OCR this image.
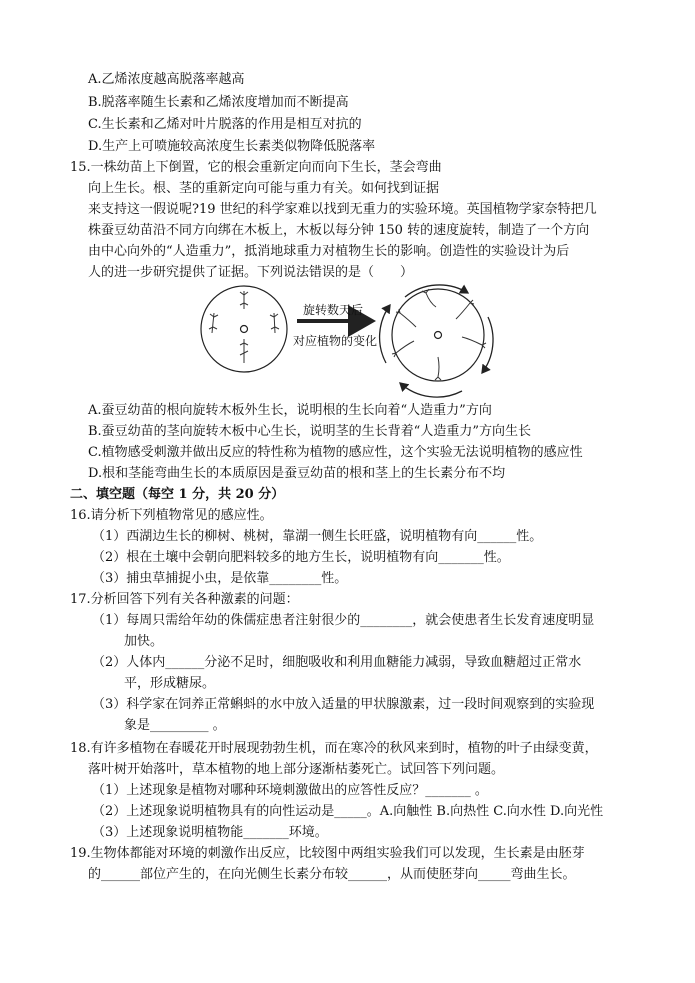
A.乙烯浓度越高脱落率越高
B.脱落率随生长素和乙烯浓度增加而不断提高
C.生长素和乙烯对叶片脱落的作用是相互对抗的
D.生产上可喷施较高浓度生长素类似物降低脱落率
15.一株幼苗上下倒置，它的根会重新定向而向下生长，茎会弯曲
向上生长。根、茎的重新定向可能与重力有关。如何找到证据
来支持这一假说呢?19 世纪的科学家难以找到无重力的实验环境。英国植物学家奈特把几
株蚕豆幼苗沿不同方向绑在木板上，木板以每分钟 150 转的速度旋转，制造了一个方向
由中心向外的“人造重力”，抵消地球重力对植物生长的影响。创造性的实验设计为后
人的进一步研究提供了证据。下列说法错误的是（　　）
旋转数天后
对应植物的变化
A.蚕豆幼苗的根向旋转木板外生长，说明根的生长向着“人造重力”方向
B.蚕豆幼苗的茎向旋转木板中心生长，说明茎的生长背着“人造重力”方向生长
C.植物感受刺激并做出反应的特性称为植物的感应性，这个实验无法说明植物的感应性
D.根和茎能弯曲生长的本质原因是蚕豆幼苗的根和茎上的生长素分布不均
二、填空题（每空 1 分，共 20 分）
16.请分析下列植物常见的感应性。
（1）西湖边生长的柳树、桃树，靠湖一侧生长旺盛，说明植物有向______性。
（2）根在土壤中会朝向肥料较多的地方生长，说明植物有向_______性。
（3）捕虫草捕捉小虫，是依靠________性。
17.分析回答下列有关各种激素的问题：
（1）每周只需给年幼的侏儒症患者注射很少的________，就会使患者生长发育速度明显
加快。
（2）人体内______分泌不足时，细胞吸收和利用血糖能力减弱，导致血糖超过正常水
平，形成糖尿。
（3）科学家在饲养正常蝌蚪的水中放入适量的甲状腺激素，过一段时间观察到的实验现
象是_________ 。
18.有许多植物在春暖花开时展现勃勃生机，而在寒冷的秋风来到时，植物的叶子由绿变黄，
落叶树开始落叶，草本植物的地上部分逐渐枯萎死亡。试回答下列问题。
（1）上述现象是植物对哪种环境刺激做出的应答性反应？_______ 。
（2）上述现象说明植物具有的向性运动是_____。A.向触性 B.向热性 C.向水性 D.向光性
（3）上述现象说明植物能_______环境。
19.生物体都能对环境的刺激作出反应，比较图中两组实验我们可以发现，生长素是由胚芽
的______部位产生的，在向光侧生长素分布较______，从而使胚芽向_____弯曲生长。
